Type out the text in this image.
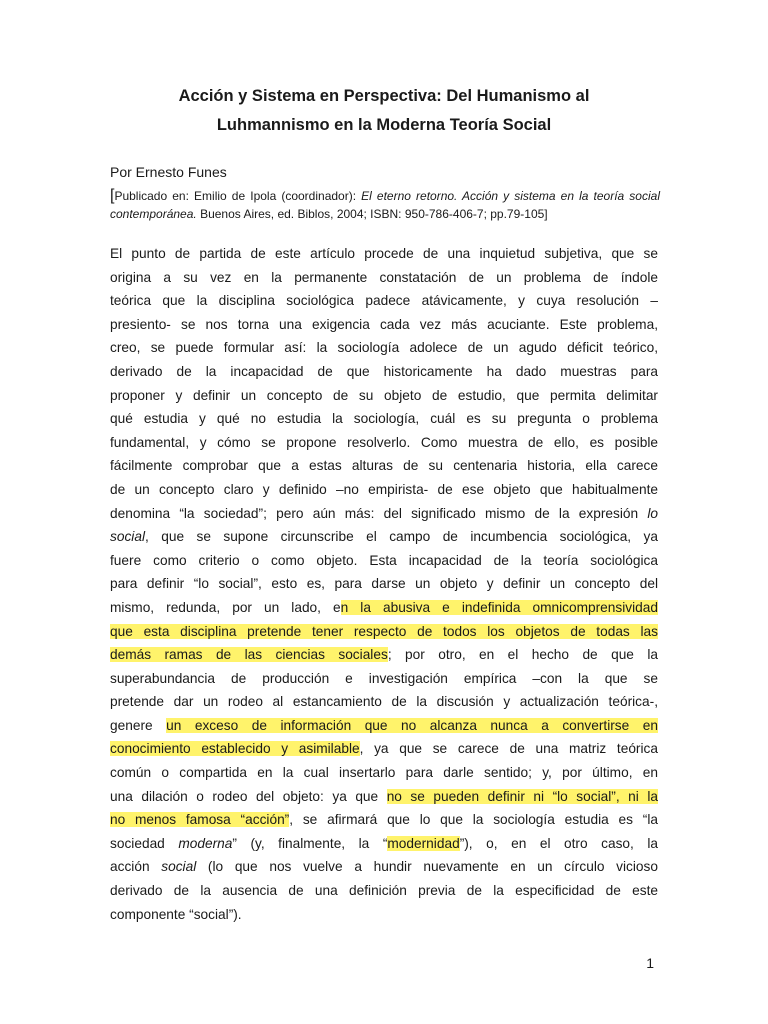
Acción y Sistema en Perspectiva: Del Humanismo al
Luhmannismo en la Moderna Teoría Social
Por Ernesto Funes
[Publicado en: Emilio de Ipola (coordinador): El eterno retorno. Acción y sistema en la teoría social contemporánea. Buenos Aires, ed. Biblos, 2004; ISBN: 950-786-406-7; pp.79-105]
El punto de partida de este artículo procede de una inquietud subjetiva, que se
origina a su vez en la permanente constatación de un problema de índole
teórica que la disciplina sociológica padece atávicamente, y cuya resolución –
presiento- se nos torna una exigencia cada vez más acuciante. Este problema,
creo, se puede formular así: la sociología adolece de un agudo déficit teórico,
derivado de la incapacidad de que historicamente ha dado muestras para
proponer y definir un concepto de su objeto de estudio, que permita delimitar
qué estudia y qué no estudia la sociología, cuál es su pregunta o problema
fundamental, y cómo se propone resolverlo. Como muestra de ello, es posible
fácilmente comprobar que a estas alturas de su centenaria historia, ella carece
de un concepto claro y definido –no empirista- de ese objeto que habitualmente
denomina “la sociedad”; pero aún más: del significado mismo de la expresión lo
social, que se supone circunscribe el campo de incumbencia sociológica, ya
fuere como criterio o como objeto. Esta incapacidad de la teoría sociológica
para definir “lo social”, esto es, para darse un objeto y definir un concepto del
mismo, redunda, por un lado, en la abusiva e indefinida omnicomprensividad
que esta disciplina pretende tener respecto de todos los objetos de todas las
demás ramas de las ciencias sociales; por otro, en el hecho de que la
superabundancia de producción e investigación empírica –con la que se
pretende dar un rodeo al estancamiento de la discusión y actualización teórica-,
genere un exceso de información que no alcanza nunca a convertirse en
conocimiento establecido y asimilable, ya que se carece de una matriz teórica
común o compartida en la cual insertarlo para darle sentido; y, por último, en
una dilación o rodeo del objeto: ya que no se pueden definir ni “lo social”, ni la
no menos famosa “acción”, se afirmará que lo que la sociología estudia es “la
sociedad moderna” (y, finalmente, la “modernidad”), o, en el otro caso, la
acción social (lo que nos vuelve a hundir nuevamente en un círculo vicioso
derivado de la ausencia de una definición previa de la especificidad de este
componente “social”).
1
